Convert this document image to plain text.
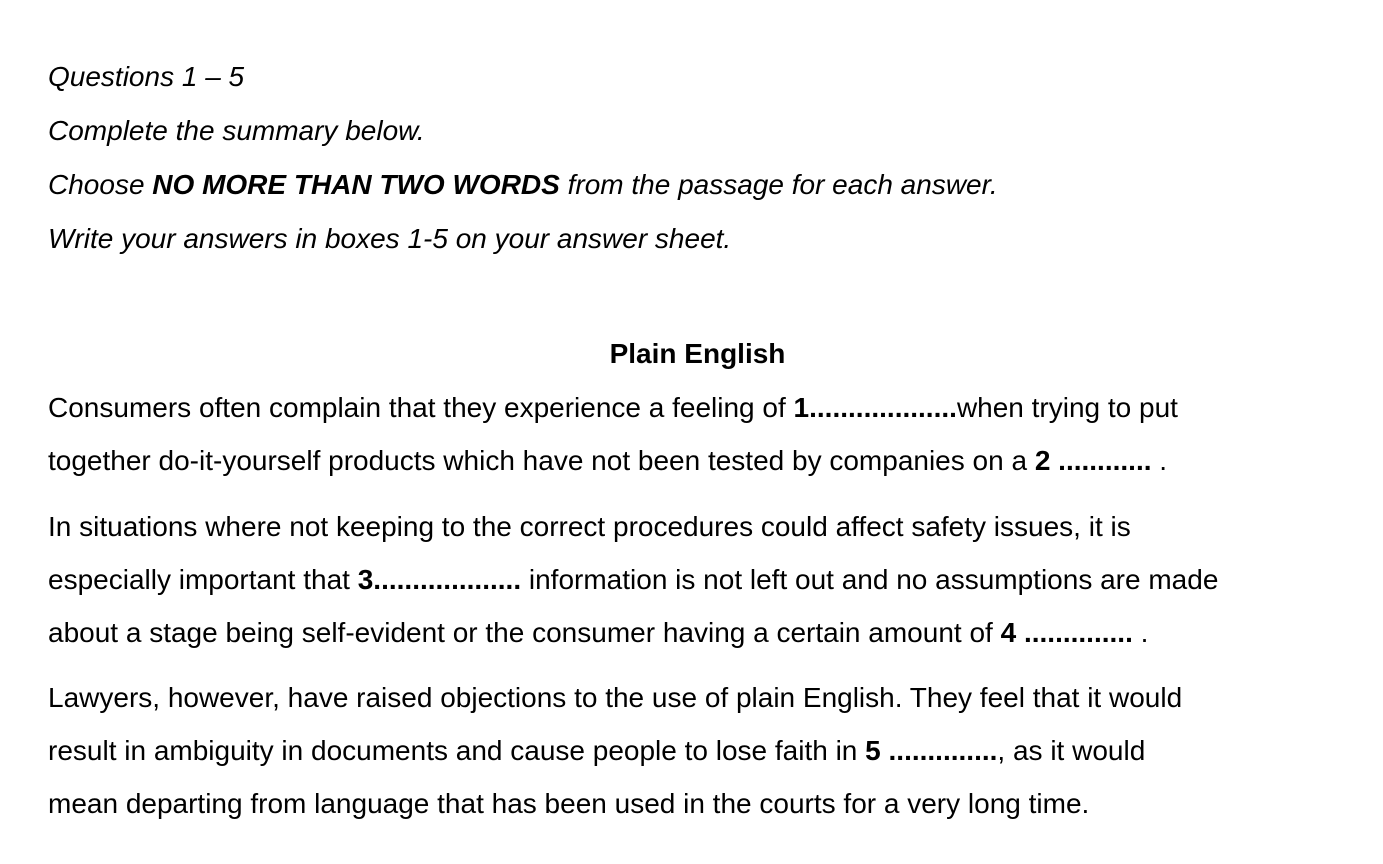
Questions 1 – 5
Complete the summary below.
Choose NO MORE THAN TWO WORDS from the passage for each answer.
Write your answers in boxes 1-5 on your answer sheet.
Plain English
Consumers often complain that they experience a feeling of 1...................when trying to put
together do-it-yourself products which have not been tested by companies on a 2 ............ .
In situations where not keeping to the correct procedures could affect safety issues, it is
especially important that 3................... information is not left out and no assumptions are made
about a stage being self-evident or the consumer having a certain amount of 4 .............. .
Lawyers, however, have raised objections to the use of plain English. They feel that it would
result in ambiguity in documents and cause people to lose faith in 5 .............., as it would
mean departing from language that has been used in the courts for a very long time.
